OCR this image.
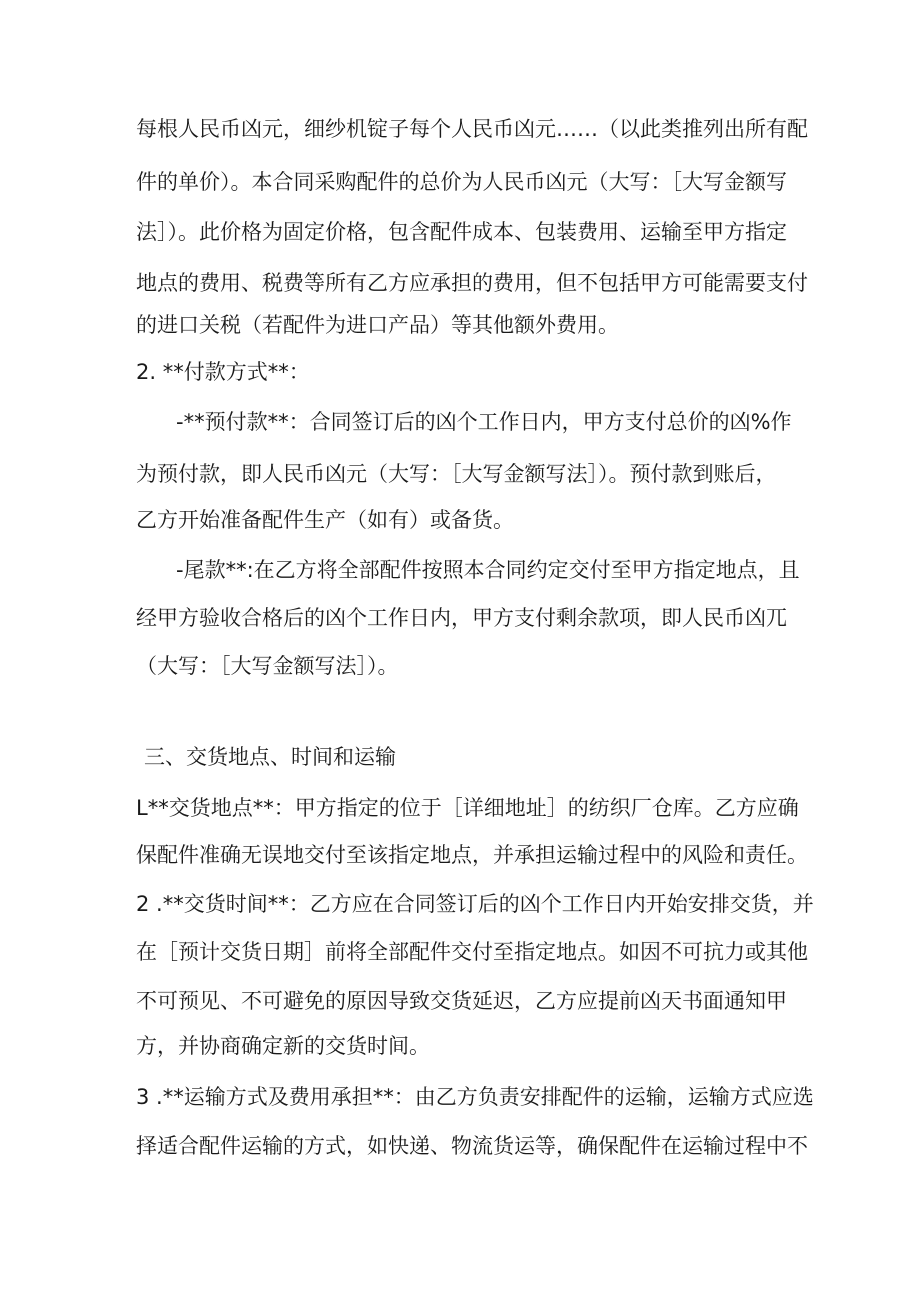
每根人民币凶元，细纱机锭子每个人民币凶元……（以此类推列出所有配
件的单价）。本合同采购配件的总价为人民币凶元（大写：［大写金额写
法］）。此价格为固定价格，包含配件成本、包装费用、运输至甲方指定
地点的费用、税费等所有乙方应承担的费用，但不包括甲方可能需要支付
的进口关税（若配件为进口产品）等其他额外费用。
2. **付款方式**：
-**预付款**：合同签订后的凶个工作日内，甲方支付总价的凶%作
为预付款，即人民币凶元（大写：［大写金额写法］）。预付款到账后，
乙方开始准备配件生产（如有）或备货。
-尾款**:在乙方将全部配件按照本合同约定交付至甲方指定地点，且
经甲方验收合格后的凶个工作日内，甲方支付剩余款项，即人民币凶兀
（大写：［大写金额写法］）。
三、交货地点、时间和运输
L**交货地点**：甲方指定的位于［详细地址］的纺织厂仓库。乙方应确
保配件准确无误地交付至该指定地点，并承担运输过程中的风险和责任。
2 .**交货时间**：乙方应在合同签订后的凶个工作日内开始安排交货，并
在［预计交货日期］前将全部配件交付至指定地点。如因不可抗力或其他
不可预见、不可避免的原因导致交货延迟，乙方应提前凶天书面通知甲
方，并协商确定新的交货时间。
3 .**运输方式及费用承担**：由乙方负责安排配件的运输，运输方式应选
择适合配件运输的方式，如快递、物流货运等，确保配件在运输过程中不
